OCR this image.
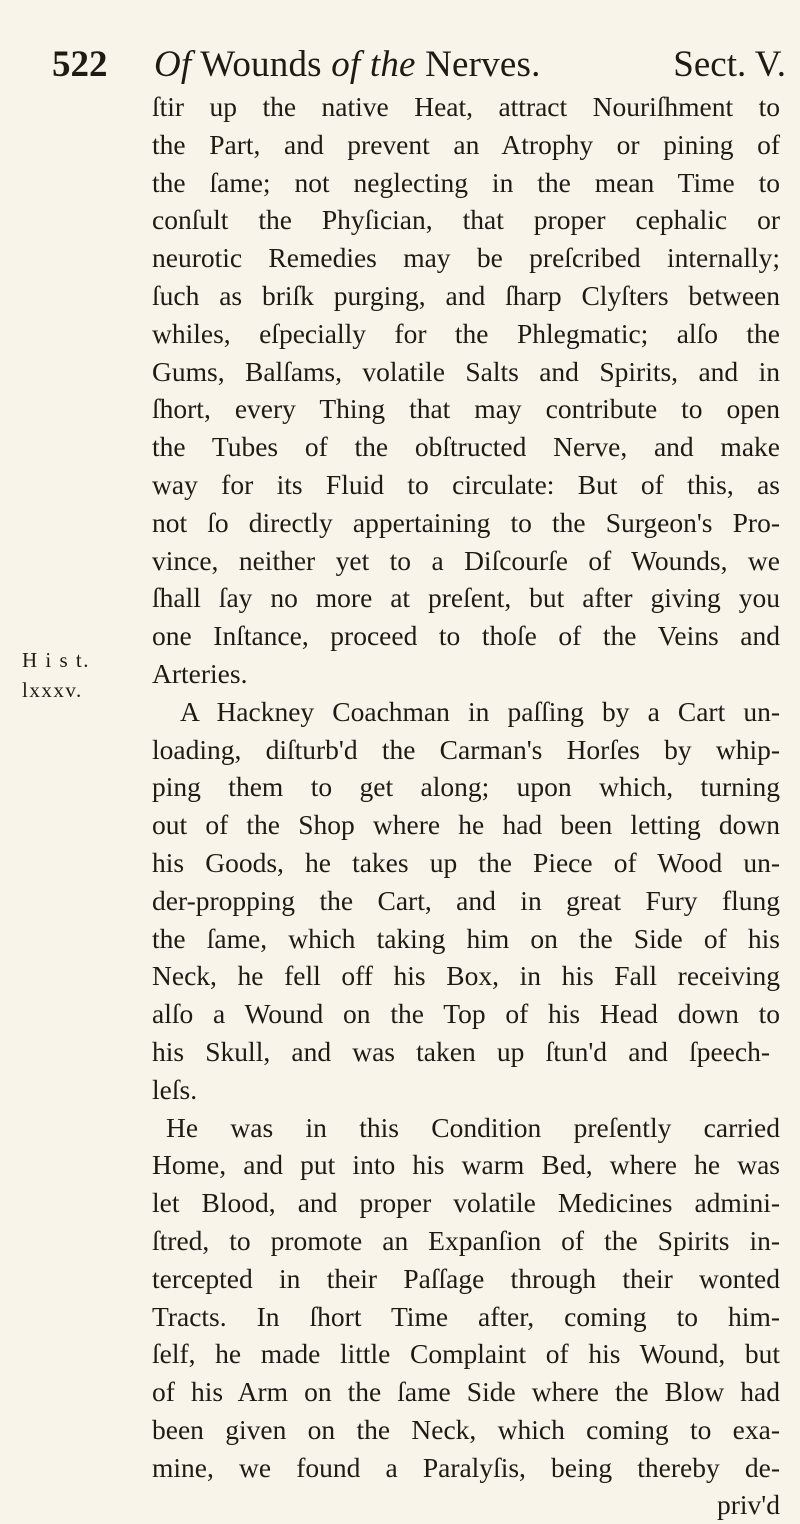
522 Of Wounds of the Nerves.	Sect. V.
H i s t.
lxxxv.
ſtir up the native Heat, attract Nouriſhment to
the Part, and prevent an Atrophy or pining of
the ſame; not neglecting in the mean Time to
conſult the Phyſician, that proper cephalic or
neurotic Remedies may be preſcribed internally;
ſuch as briſk purging, and ſharp Clyſters between
whiles, eſpecially for the Phlegmatic; alſo the
Gums, Balſams, volatile Salts and Spirits, and in
ſhort, every Thing that may contribute to open
the Tubes of the obſtructed Nerve, and make
way for its Fluid to circulate: But of this, as
not ſo directly appertaining to the Surgeon's Pro-
vince, neither yet to a Diſcourſe of Wounds, we
ſhall ſay no more at preſent, but after giving you
one Inſtance, proceed to thoſe of the Veins and
Arteries.
A Hackney Coachman in paſſing by a Cart un-
loading, diſturb'd the Carman's Horſes by whip-
ping them to get along; upon which, turning
out of the Shop where he had been letting down
his Goods, he takes up the Piece of Wood un-
der-propping the Cart, and in great Fury flung
the ſame, which taking him on the Side of his
Neck, he fell off his Box, in his Fall receiving
alſo a Wound on the Top of his Head down to
his Skull, and was taken up ſtun'd and ſpeech-
leſs.
He was in this Condition preſently carried
Home, and put into his warm Bed, where he was
let Blood, and proper volatile Medicines admini-
ſtred, to promote an Expanſion of the Spirits in-
tercepted in their Paſſage through their wonted
Tracts. In ſhort Time after, coming to him-
ſelf, he made little Complaint of his Wound, but
of his Arm on the ſame Side where the Blow had
been given on the Neck, which coming to exa-
mine, we found a Paralyſis, being thereby de-
priv'd
